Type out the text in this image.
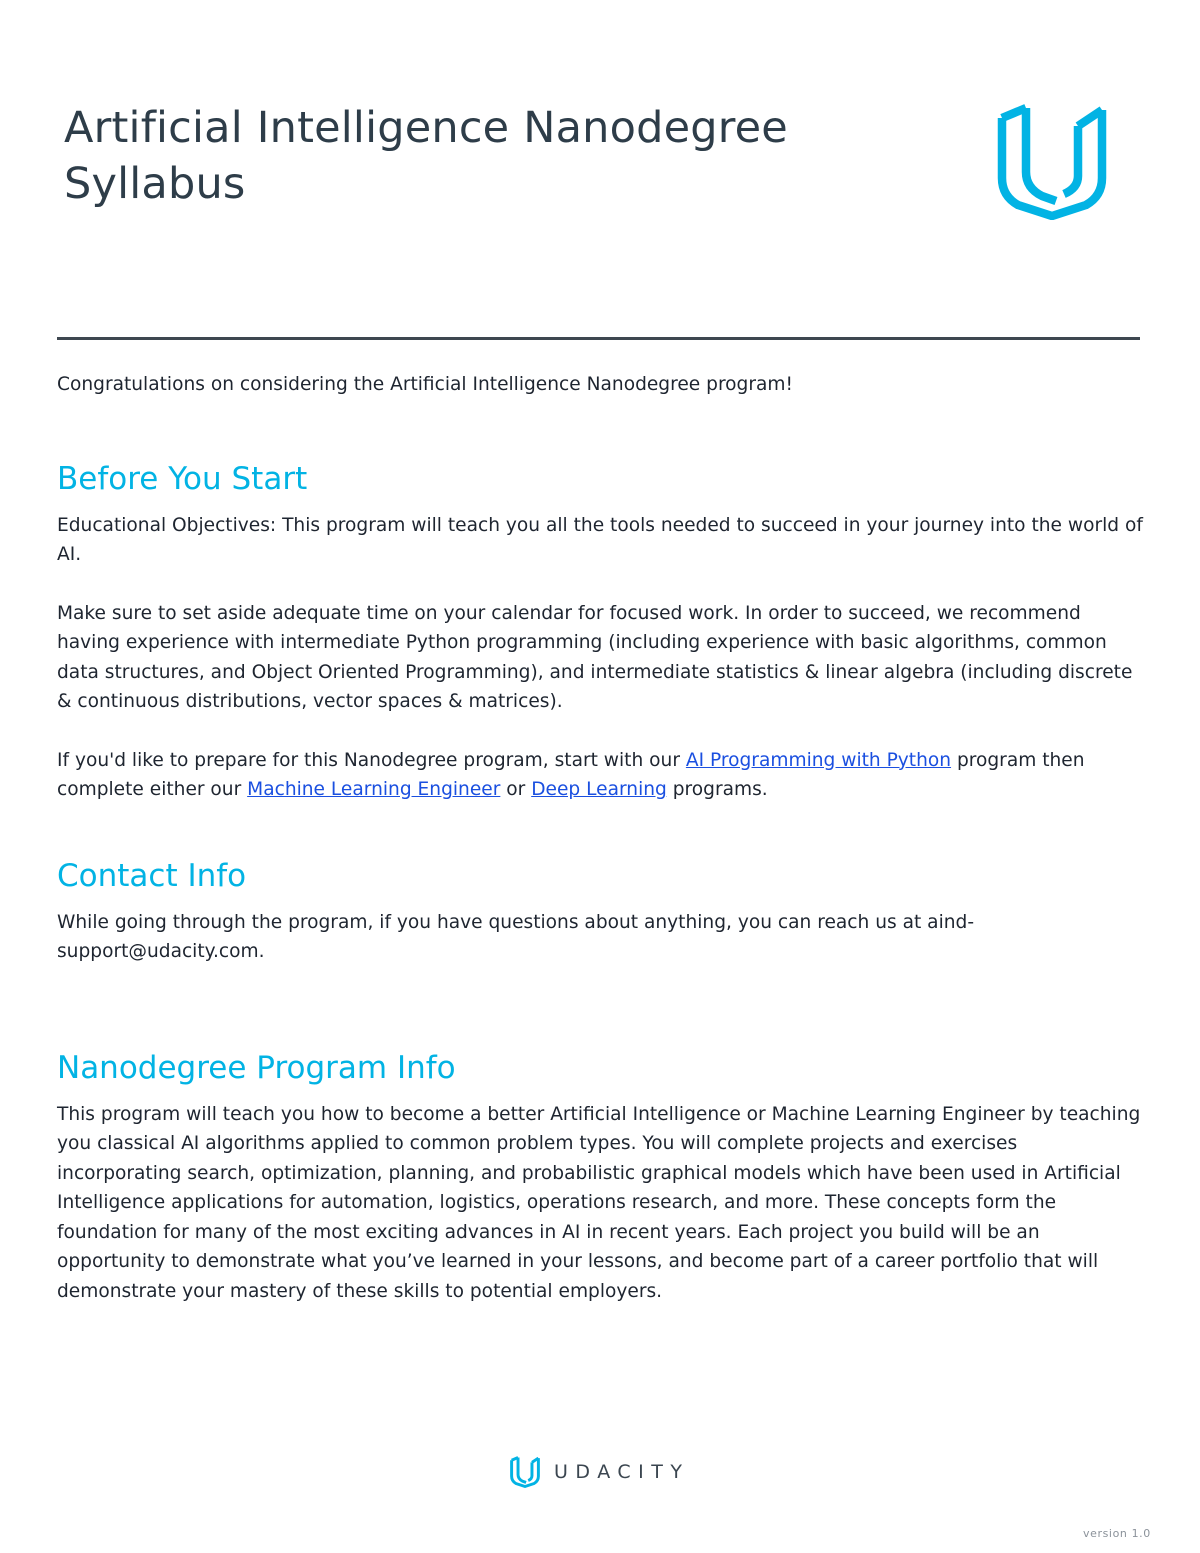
Artificial Intelligence Nanodegree
Syllabus

Congratulations on considering the Artificial Intelligence Nanodegree program!

Before You Start

Educational Objectives: This program will teach you all the tools needed to succeed in your journey into the world of AI.

Make sure to set aside adequate time on your calendar for focused work. In order to succeed, we recommend having experience with intermediate Python programming (including experience with basic algorithms, common data structures, and Object Oriented Programming), and intermediate statistics & linear algebra (including discrete & continuous distributions, vector spaces & matrices).

If you'd like to prepare for this Nanodegree program, start with our AI Programming with Python program then complete either our Machine Learning Engineer or Deep Learning programs.

Contact Info

While going through the program, if you have questions about anything, you can reach us at aind-support@udacity.com.

Nanodegree Program Info

This program will teach you how to become a better Artificial Intelligence or Machine Learning Engineer by teaching you classical AI algorithms applied to common problem types. You will complete projects and exercises incorporating search, optimization, planning, and probabilistic graphical models which have been used in Artificial Intelligence applications for automation, logistics, operations research, and more. These concepts form the foundation for many of the most exciting advances in AI in recent years. Each project you build will be an opportunity to demonstrate what you’ve learned in your lessons, and become part of a career portfolio that will demonstrate your mastery of these skills to potential employers.

UDACITY
version 1.0
